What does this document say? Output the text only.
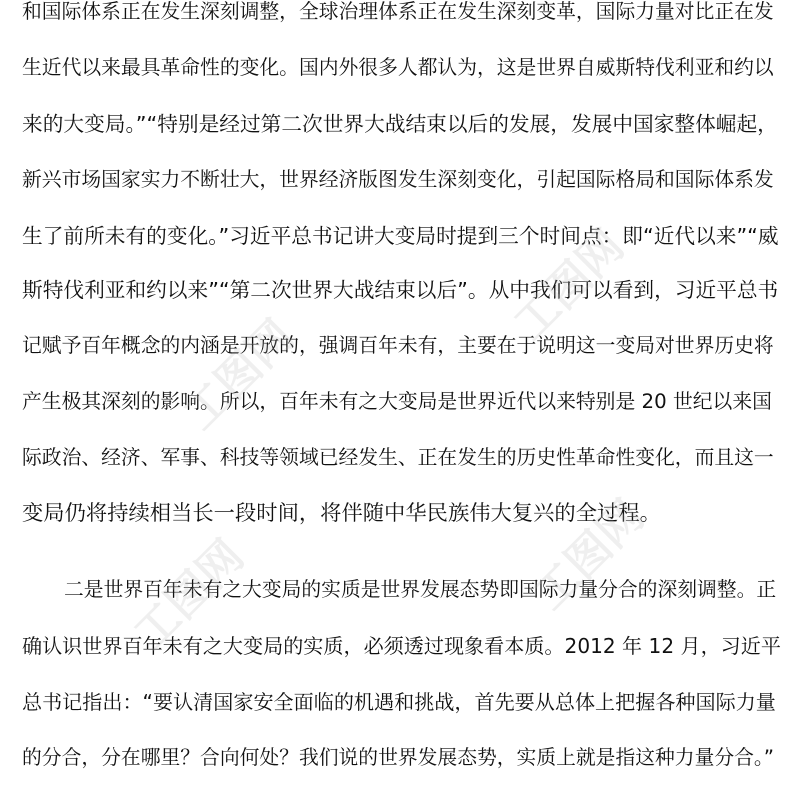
和国际体系正在发生深刻调整，全球治理体系正在发生深刻变革，国际力量对比正在发
生近代以来最具革命性的变化。国内外很多人都认为，这是世界自威斯特伐利亚和约以
来的大变局。”“特别是经过第二次世界大战结束以后的发展，发展中国家整体崛起，
新兴市场国家实力不断壮大，世界经济版图发生深刻变化，引起国际格局和国际体系发
生了前所未有的变化。”习近平总书记讲大变局时提到三个时间点：即“近代以来”“威
斯特伐利亚和约以来”“第二次世界大战结束以后”。从中我们可以看到，习近平总书
记赋予百年概念的内涵是开放的，强调百年未有，主要在于说明这一变局对世界历史将
产生极其深刻的影响。所以，百年未有之大变局是世界近代以来特别是 20 世纪以来国
际政治、经济、军事、科技等领域已经发生、正在发生的历史性革命性变化，而且这一
变局仍将持续相当长一段时间，将伴随中华民族伟大复兴的全过程。
二是世界百年未有之大变局的实质是世界发展态势即国际力量分合的深刻调整。正
确认识世界百年未有之大变局的实质，必须透过现象看本质。2012 年 12 月，习近平
总书记指出：“要认清国家安全面临的机遇和挑战，首先要从总体上把握各种国际力量
的分合，分在哪里？合向何处？我们说的世界发展态势，实质上就是指这种力量分合。”
工图网
工图网
工图网
工图网
